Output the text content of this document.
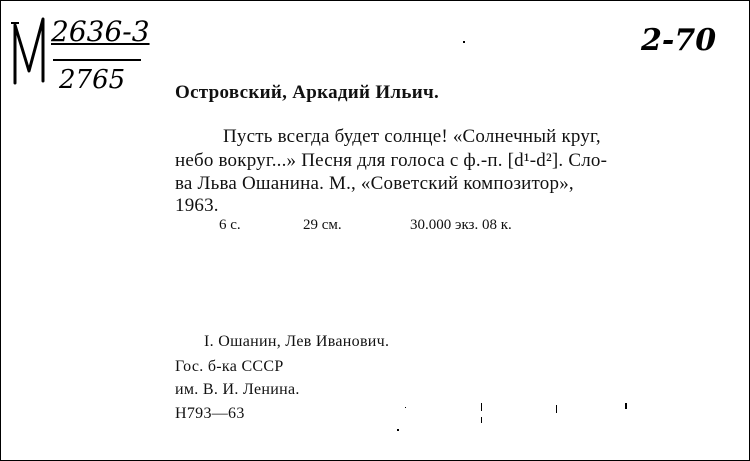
2636-3
2765
2-70
Островский, Аркадий Ильич.
Пусть всегда будет солнце! «Солнечный круг,
небо вокруг...» Песня для голоса с ф.-п. [d¹-d²]. Сло-
ва Льва Ошанина. М., «Советский композитор»,
1963.
6 с.	29 см.	30.000 экз. 08 к.
I. Ошанин, Лев Иванович.
Гос. б-ка СССР
им. В. И. Ленина.
Н793—63
